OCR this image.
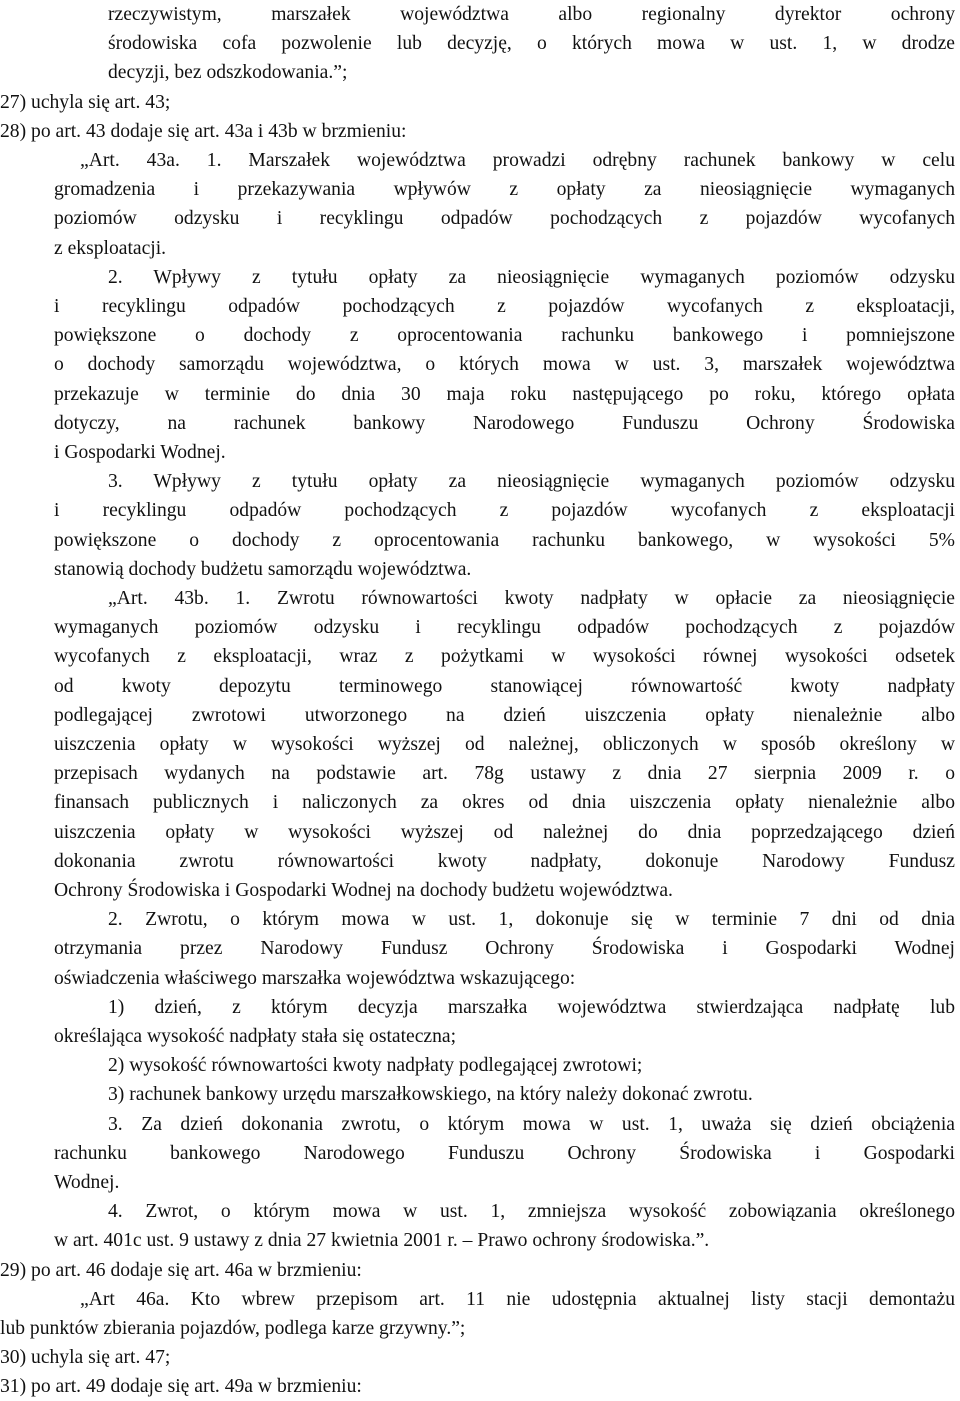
rzeczywistym, marszałek województwa albo regionalny dyrektor ochrony
środowiska cofa pozwolenie lub decyzję, o których mowa w ust. 1, w drodze
decyzji, bez odszkodowania.”;
27) uchyla się art. 43;
28) po art. 43 dodaje się art. 43a i 43b w brzmieniu:
„Art. 43a. 1. Marszałek województwa prowadzi odrębny rachunek bankowy w celu
gromadzenia i przekazywania wpływów z opłaty za nieosiągnięcie wymaganych
poziomów odzysku i recyklingu odpadów pochodzących z pojazdów wycofanych
z eksploatacji.
2. Wpływy z tytułu opłaty za nieosiągnięcie wymaganych poziomów odzysku
i recyklingu odpadów pochodzących z pojazdów wycofanych z eksploatacji,
powiększone o dochody z oprocentowania rachunku bankowego i pomniejszone
o dochody samorządu województwa, o których mowa w ust. 3, marszałek województwa
przekazuje w terminie do dnia 30 maja roku następującego po roku, którego opłata
dotyczy, na rachunek bankowy Narodowego Funduszu Ochrony Środowiska
i Gospodarki Wodnej.
3. Wpływy z tytułu opłaty za nieosiągnięcie wymaganych poziomów odzysku
i recyklingu odpadów pochodzących z pojazdów wycofanych z eksploatacji
powiększone o dochody z oprocentowania rachunku bankowego, w wysokości 5%
stanowią dochody budżetu samorządu województwa.
„Art. 43b. 1. Zwrotu równowartości kwoty nadpłaty w opłacie za nieosiągnięcie
wymaganych poziomów odzysku i recyklingu odpadów pochodzących z pojazdów
wycofanych z eksploatacji, wraz z pożytkami w wysokości równej wysokości odsetek
od kwoty depozytu terminowego stanowiącej równowartość kwoty nadpłaty
podlegającej zwrotowi utworzonego na dzień uiszczenia opłaty nienależnie albo
uiszczenia opłaty w wysokości wyższej od należnej, obliczonych w sposób określony w
przepisach wydanych na podstawie art. 78g ustawy z dnia 27 sierpnia 2009 r. o
finansach publicznych i naliczonych za okres od dnia uiszczenia opłaty nienależnie albo
uiszczenia opłaty w wysokości wyższej od należnej do dnia poprzedzającego dzień
dokonania zwrotu równowartości kwoty nadpłaty, dokonuje Narodowy Fundusz
Ochrony Środowiska i Gospodarki Wodnej na dochody budżetu województwa.
2. Zwrotu, o którym mowa w ust. 1, dokonuje się w terminie 7 dni od dnia
otrzymania przez Narodowy Fundusz Ochrony Środowiska i Gospodarki Wodnej
oświadczenia właściwego marszałka województwa wskazującego:
1) dzień, z którym decyzja marszałka województwa stwierdzająca nadpłatę lub
określająca wysokość nadpłaty stała się ostateczna;
2) wysokość równowartości kwoty nadpłaty podlegającej zwrotowi;
3) rachunek bankowy urzędu marszałkowskiego, na który należy dokonać zwrotu.
3. Za dzień dokonania zwrotu, o którym mowa w ust. 1, uważa się dzień obciążenia
rachunku bankowego Narodowego Funduszu Ochrony Środowiska i Gospodarki
Wodnej.
4. Zwrot, o którym mowa w ust. 1, zmniejsza wysokość zobowiązania określonego
w art. 401c ust. 9 ustawy z dnia 27 kwietnia 2001 r. – Prawo ochrony środowiska.”.
29) po art. 46 dodaje się art. 46a w brzmieniu:
„Art 46a. Kto wbrew przepisom art. 11 nie udostępnia aktualnej listy stacji demontażu
lub punktów zbierania pojazdów, podlega karze grzywny.”;
30) uchyla się art. 47;
31) po art. 49 dodaje się art. 49a w brzmieniu:
